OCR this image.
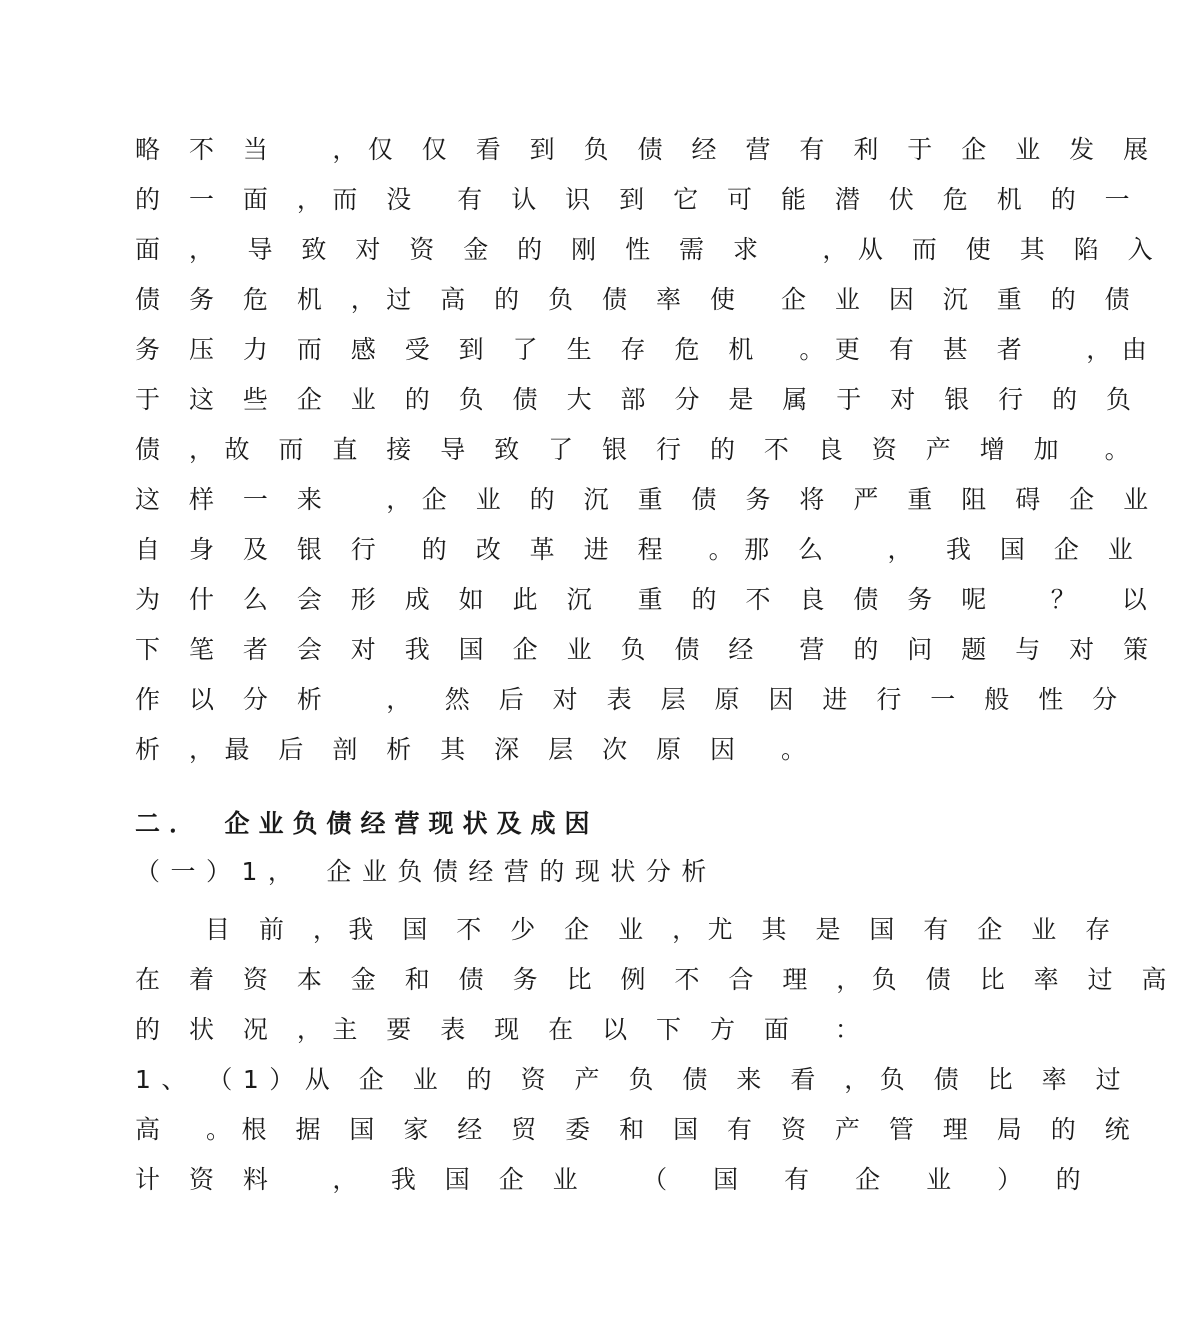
略 不 当　 ，仅 仅 看 到 负 债 经 营 有 利 于 企 业 发 展
的 一 面 ，而 没　有 认 识 到 它 可 能 潜 伏 危 机 的 一
面 ，　导 致 对 资 金 的 刚 性 需 求　 ，从 而 使 其 陷 入
债 务 危 机 ，过 高 的 负 债 率 使　企 业 因 沉 重 的 债
务 压 力 而 感 受 到 了 生 存 危 机　。更 有 甚 者　 ，由
于 这 些 企 业 的 负 债 大 部 分 是 属 于 对 银 行 的 负
债 ，故 而 直 接 导 致 了 银 行 的 不 良 资 产 增 加　。
这 样 一 来　 ，企 业 的 沉 重 债 务 将 严 重 阻 碍 企 业
自 身 及 银 行　的 改 革 进 程　。那 么　 ，　我 国 企 业
为 什 么 会 形 成 如 此 沉　重 的 不 良 债 务 呢　 ？　以
下 笔 者 会 对 我 国 企 业 负 债 经　营 的 问 题 与 对 策
作 以 分 析　 ，　然 后 对 表 层 原 因 进 行 一 般 性 分
析 ，最 后 剖 析 其 深 层 次 原 因　。
二．　企业负债经营现状及成因
（一）1，　企业负债经营的现状分析
目 前 ，我 国 不 少 企 业 ，尤 其 是 国 有 企 业 存
在 着 资 本 金 和 债 务 比 例 不 合 理 ，负 债 比 率 过 高
的 状 况 ，主 要 表 现 在 以 下 方 面　：
1、　（1）从 企 业 的 资 产 负 债 来 看 ，负 债 比 率 过
高　。根 据 国 家 经 贸 委 和 国 有 资 产 管 理 局 的 统
计 资 料　 ，　我 国 企 业　 （　国　有　企　业　）　的
